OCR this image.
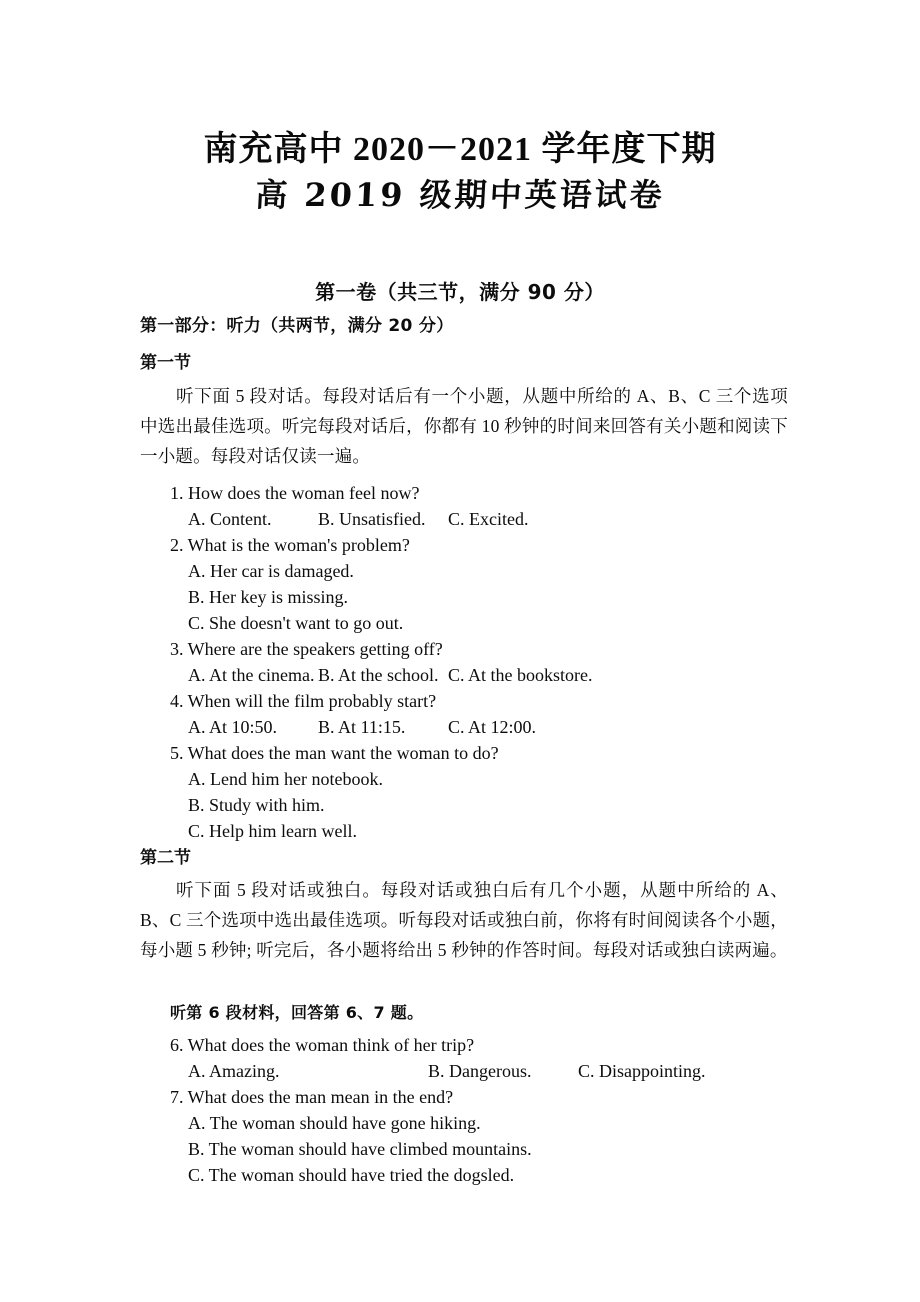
南充高中 2020－2021 学年度下期
高 2019 级期中英语试卷
第一卷（共三节，满分 90 分）
第一部分：听力（共两节，满分 20 分）
第一节
听下面 5 段对话。每段对话后有一个小题，从题中所给的 A、B、C 三个选项中选出最佳选项。听完每段对话后，你都有 10 秒钟的时间来回答有关小题和阅读下一小题。每段对话仅读一遍。
1. How does the woman feel now?
A. Content.	B. Unsatisfied. C. Excited.
2. What is the woman's problem?
A. Her car is damaged.
B. Her key is missing.
C. She doesn't want to go out.
3. Where are the speakers getting off?
A. At the cinema. B. At the school. C. At the bookstore.
4. When will the film probably start?
A. At 10:50. B. At 11:15. C. At 12:00.
5. What does the man want the woman to do?
A. Lend him her notebook.
B. Study with him.
C. Help him learn well.
第二节
听下面 5 段对话或独白。每段对话或独白后有几个小题，从题中所给的 A、B、C 三个选项中选出最佳选项。听每段对话或独白前，你将有时间阅读各个小题，每小题 5 秒钟; 听完后，各小题将给出 5 秒钟的作答时间。每段对话或独白读两遍。
听第 6 段材料，回答第 6、7 题。
6. What does the woman think of her trip?
A. Amazing.	B. Dangerous.	C. Disappointing.
7. What does the man mean in the end?
A. The woman should have gone hiking.
B. The woman should have climbed mountains.
C. The woman should have tried the dogsled.
